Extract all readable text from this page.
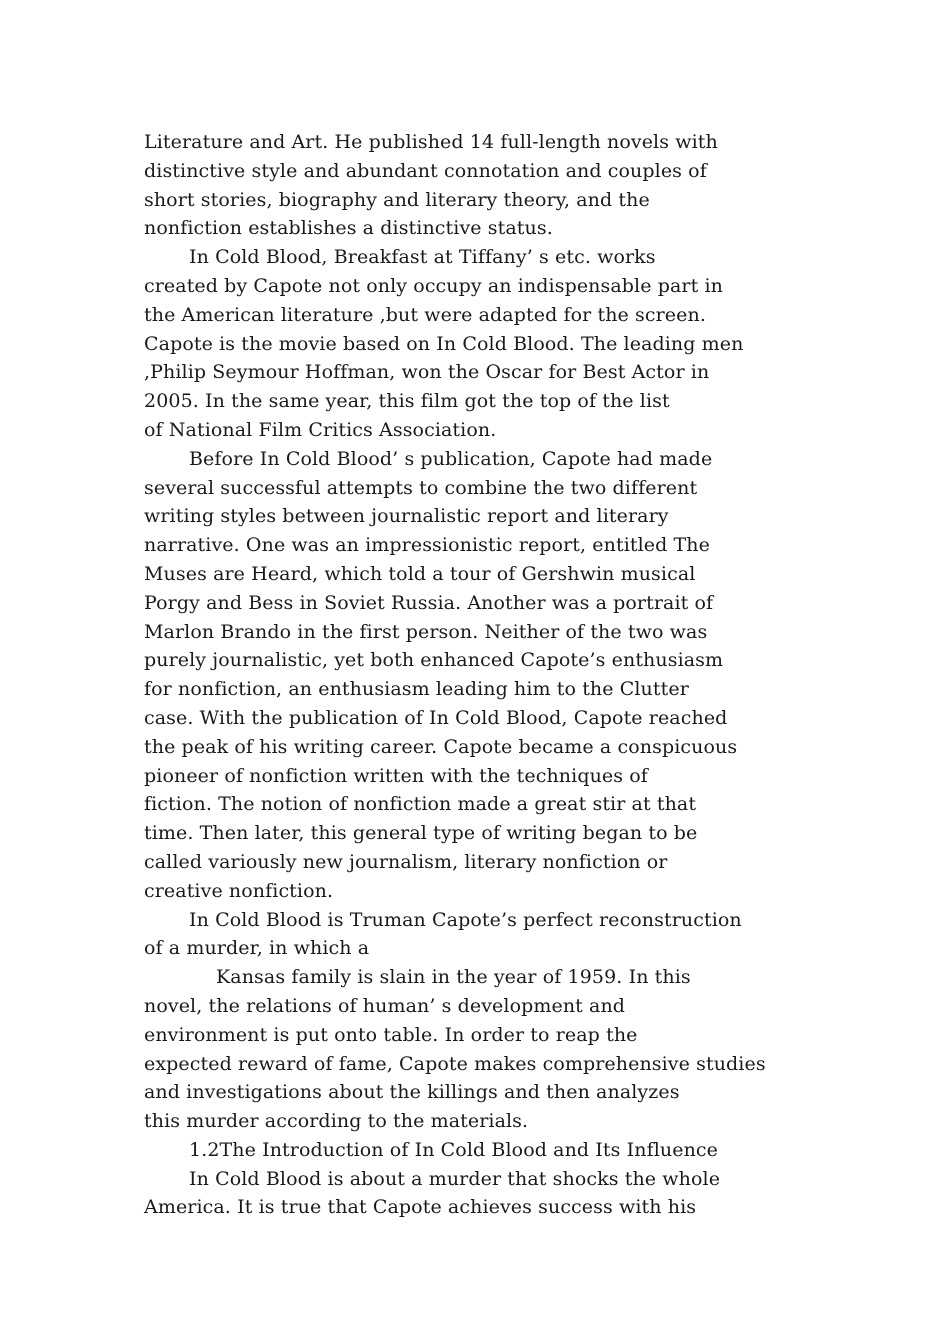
Literature and Art. He published 14 full-length novels with
distinctive style and abundant connotation and couples of
short stories, biography and literary theory, and the
nonfiction establishes a distinctive status.
In Cold Blood, Breakfast at Tiffany’ s etc. works
created by Capote not only occupy an indispensable part in
the American literature ,but were adapted for the screen.
Capote is the movie based on In Cold Blood. The leading men
,Philip Seymour Hoffman, won the Oscar for Best Actor in
2005. In the same year, this film got the top of the list
of National Film Critics Association.
Before In Cold Blood’ s publication, Capote had made
several successful attempts to combine the two different
writing styles between journalistic report and literary
narrative. One was an impressionistic report, entitled The
Muses are Heard, which told a tour of Gershwin musical
Porgy and Bess in Soviet Russia. Another was a portrait of
Marlon Brando in the first person. Neither of the two was
purely journalistic, yet both enhanced Capote’s enthusiasm
for nonfiction, an enthusiasm leading him to the Clutter
case. With the publication of In Cold Blood, Capote reached
the peak of his writing career. Capote became a conspicuous
pioneer of nonfiction written with the techniques of
fiction. The notion of nonfiction made a great stir at that
time. Then later, this general type of writing began to be
called variously new journalism, literary nonfiction or
creative nonfiction.
In Cold Blood is Truman Capote’s perfect reconstruction
of a murder, in which a
Kansas family is slain in the year of 1959. In this
novel, the relations of human’ s development and
environment is put onto table. In order to reap the
expected reward of fame, Capote makes comprehensive studies
and investigations about the killings and then analyzes
this murder according to the materials.
1.2The Introduction of In Cold Blood and Its Influence
In Cold Blood is about a murder that shocks the whole
America. It is true that Capote achieves success with his
